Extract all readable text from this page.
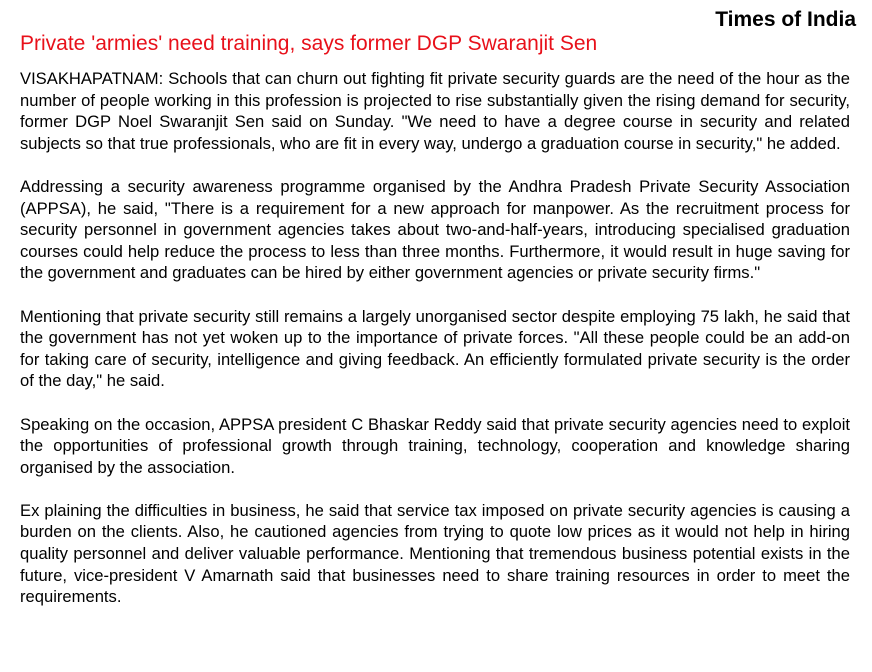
Times of India
Private 'armies' need training, says former DGP Swaranjit Sen

VISAKHAPATNAM: Schools that can churn out fighting fit private security guards are the need of the hour as the number of people working in this profession is projected to rise substantially given the rising demand for security, former DGP Noel Swaranjit Sen said on Sunday. "We need to have a degree course in security and related subjects so that true professionals, who are fit in every way, undergo a graduation course in security," he added.

Addressing a security awareness programme organised by the Andhra Pradesh Private Security Association (APPSA), he said, "There is a requirement for a new approach for manpower. As the recruitment process for security personnel in government agencies takes about two-and-half-years, introducing specialised graduation courses could help reduce the process to less than three months. Furthermore, it would result in huge saving for the government and graduates can be hired by either government agencies or private security firms."

Mentioning that private security still remains a largely unorganised sector despite employing 75 lakh, he said that the government has not yet woken up to the importance of private forces. "All these people could be an add-on for taking care of security, intelligence and giving feedback. An efficiently formulated private security is the order of the day," he said.

Speaking on the occasion, APPSA president C Bhaskar Reddy said that private security agencies need to exploit the opportunities of professional growth through training, technology, cooperation and knowledge sharing organised by the association.

Ex plaining the difficulties in business, he said that service tax imposed on private security agencies is causing a burden on the clients. Also, he cautioned agencies from trying to quote low prices as it would not help in hiring quality personnel and deliver valuable performance. Mentioning that tremendous business potential exists in the future, vice-president V Amarnath said that businesses need to share training resources in order to meet the requirements.
